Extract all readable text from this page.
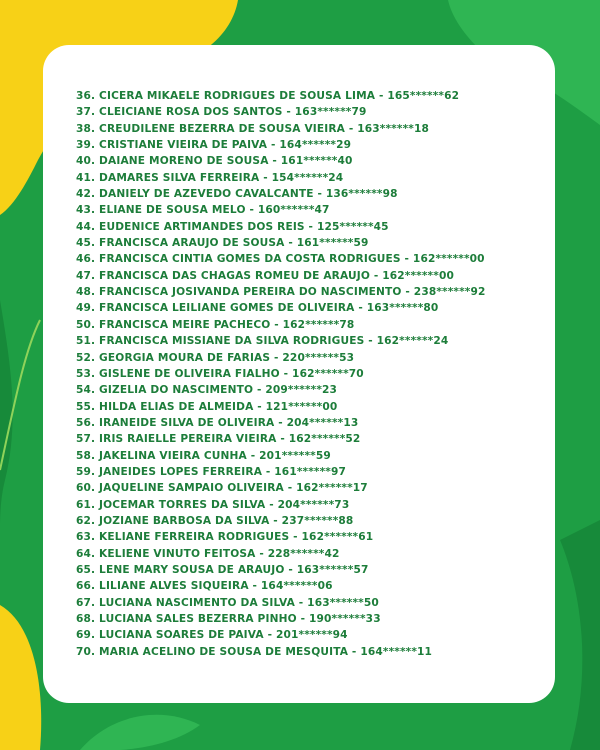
36. CICERA MIKAELE RODRIGUES DE SOUSA LIMA - 165******62
37. CLEICIANE ROSA DOS SANTOS - 163******79
38. CREUDILENE BEZERRA DE SOUSA VIEIRA - 163******18
39. CRISTIANE VIEIRA DE PAIVA - 164******29
40. DAIANE MORENO DE SOUSA - 161******40
41. DAMARES SILVA FERREIRA - 154******24
42. DANIELY DE AZEVEDO CAVALCANTE - 136******98
43. ELIANE DE SOUSA MELO - 160******47
44. EUDENICE ARTIMANDES DOS REIS - 125******45
45. FRANCISCA ARAUJO DE SOUSA - 161******59
46. FRANCISCA CINTIA GOMES DA COSTA RODRIGUES - 162******00
47. FRANCISCA DAS CHAGAS ROMEU DE ARAUJO - 162******00
48. FRANCISCA JOSIVANDA PEREIRA DO NASCIMENTO - 238******92
49. FRANCISCA LEILIANE GOMES DE OLIVEIRA - 163******80
50. FRANCISCA MEIRE PACHECO - 162******78
51. FRANCISCA MISSIANE DA SILVA RODRIGUES - 162******24
52. GEORGIA MOURA DE FARIAS - 220******53
53. GISLENE DE OLIVEIRA FIALHO - 162******70
54. GIZELIA DO NASCIMENTO - 209******23
55. HILDA ELIAS DE ALMEIDA - 121******00
56. IRANEIDE SILVA DE OLIVEIRA - 204******13
57. IRIS RAIELLE PEREIRA VIEIRA - 162******52
58. JAKELINA VIEIRA CUNHA - 201******59
59. JANEIDES LOPES FERREIRA - 161******97
60. JAQUELINE SAMPAIO OLIVEIRA - 162******17
61. JOCEMAR TORRES DA SILVA - 204******73
62. JOZIANE BARBOSA DA SILVA - 237******88
63. KELIANE FERREIRA RODRIGUES - 162******61
64. KELIENE VINUTO FEITOSA - 228******42
65. LENE MARY SOUSA DE ARAUJO - 163******57
66. LILIANE ALVES SIQUEIRA - 164******06
67. LUCIANA NASCIMENTO DA SILVA - 163******50
68. LUCIANA SALES BEZERRA PINHO - 190******33
69. LUCIANA SOARES DE PAIVA - 201******94
70. MARIA ACELINO DE SOUSA DE MESQUITA - 164******11
